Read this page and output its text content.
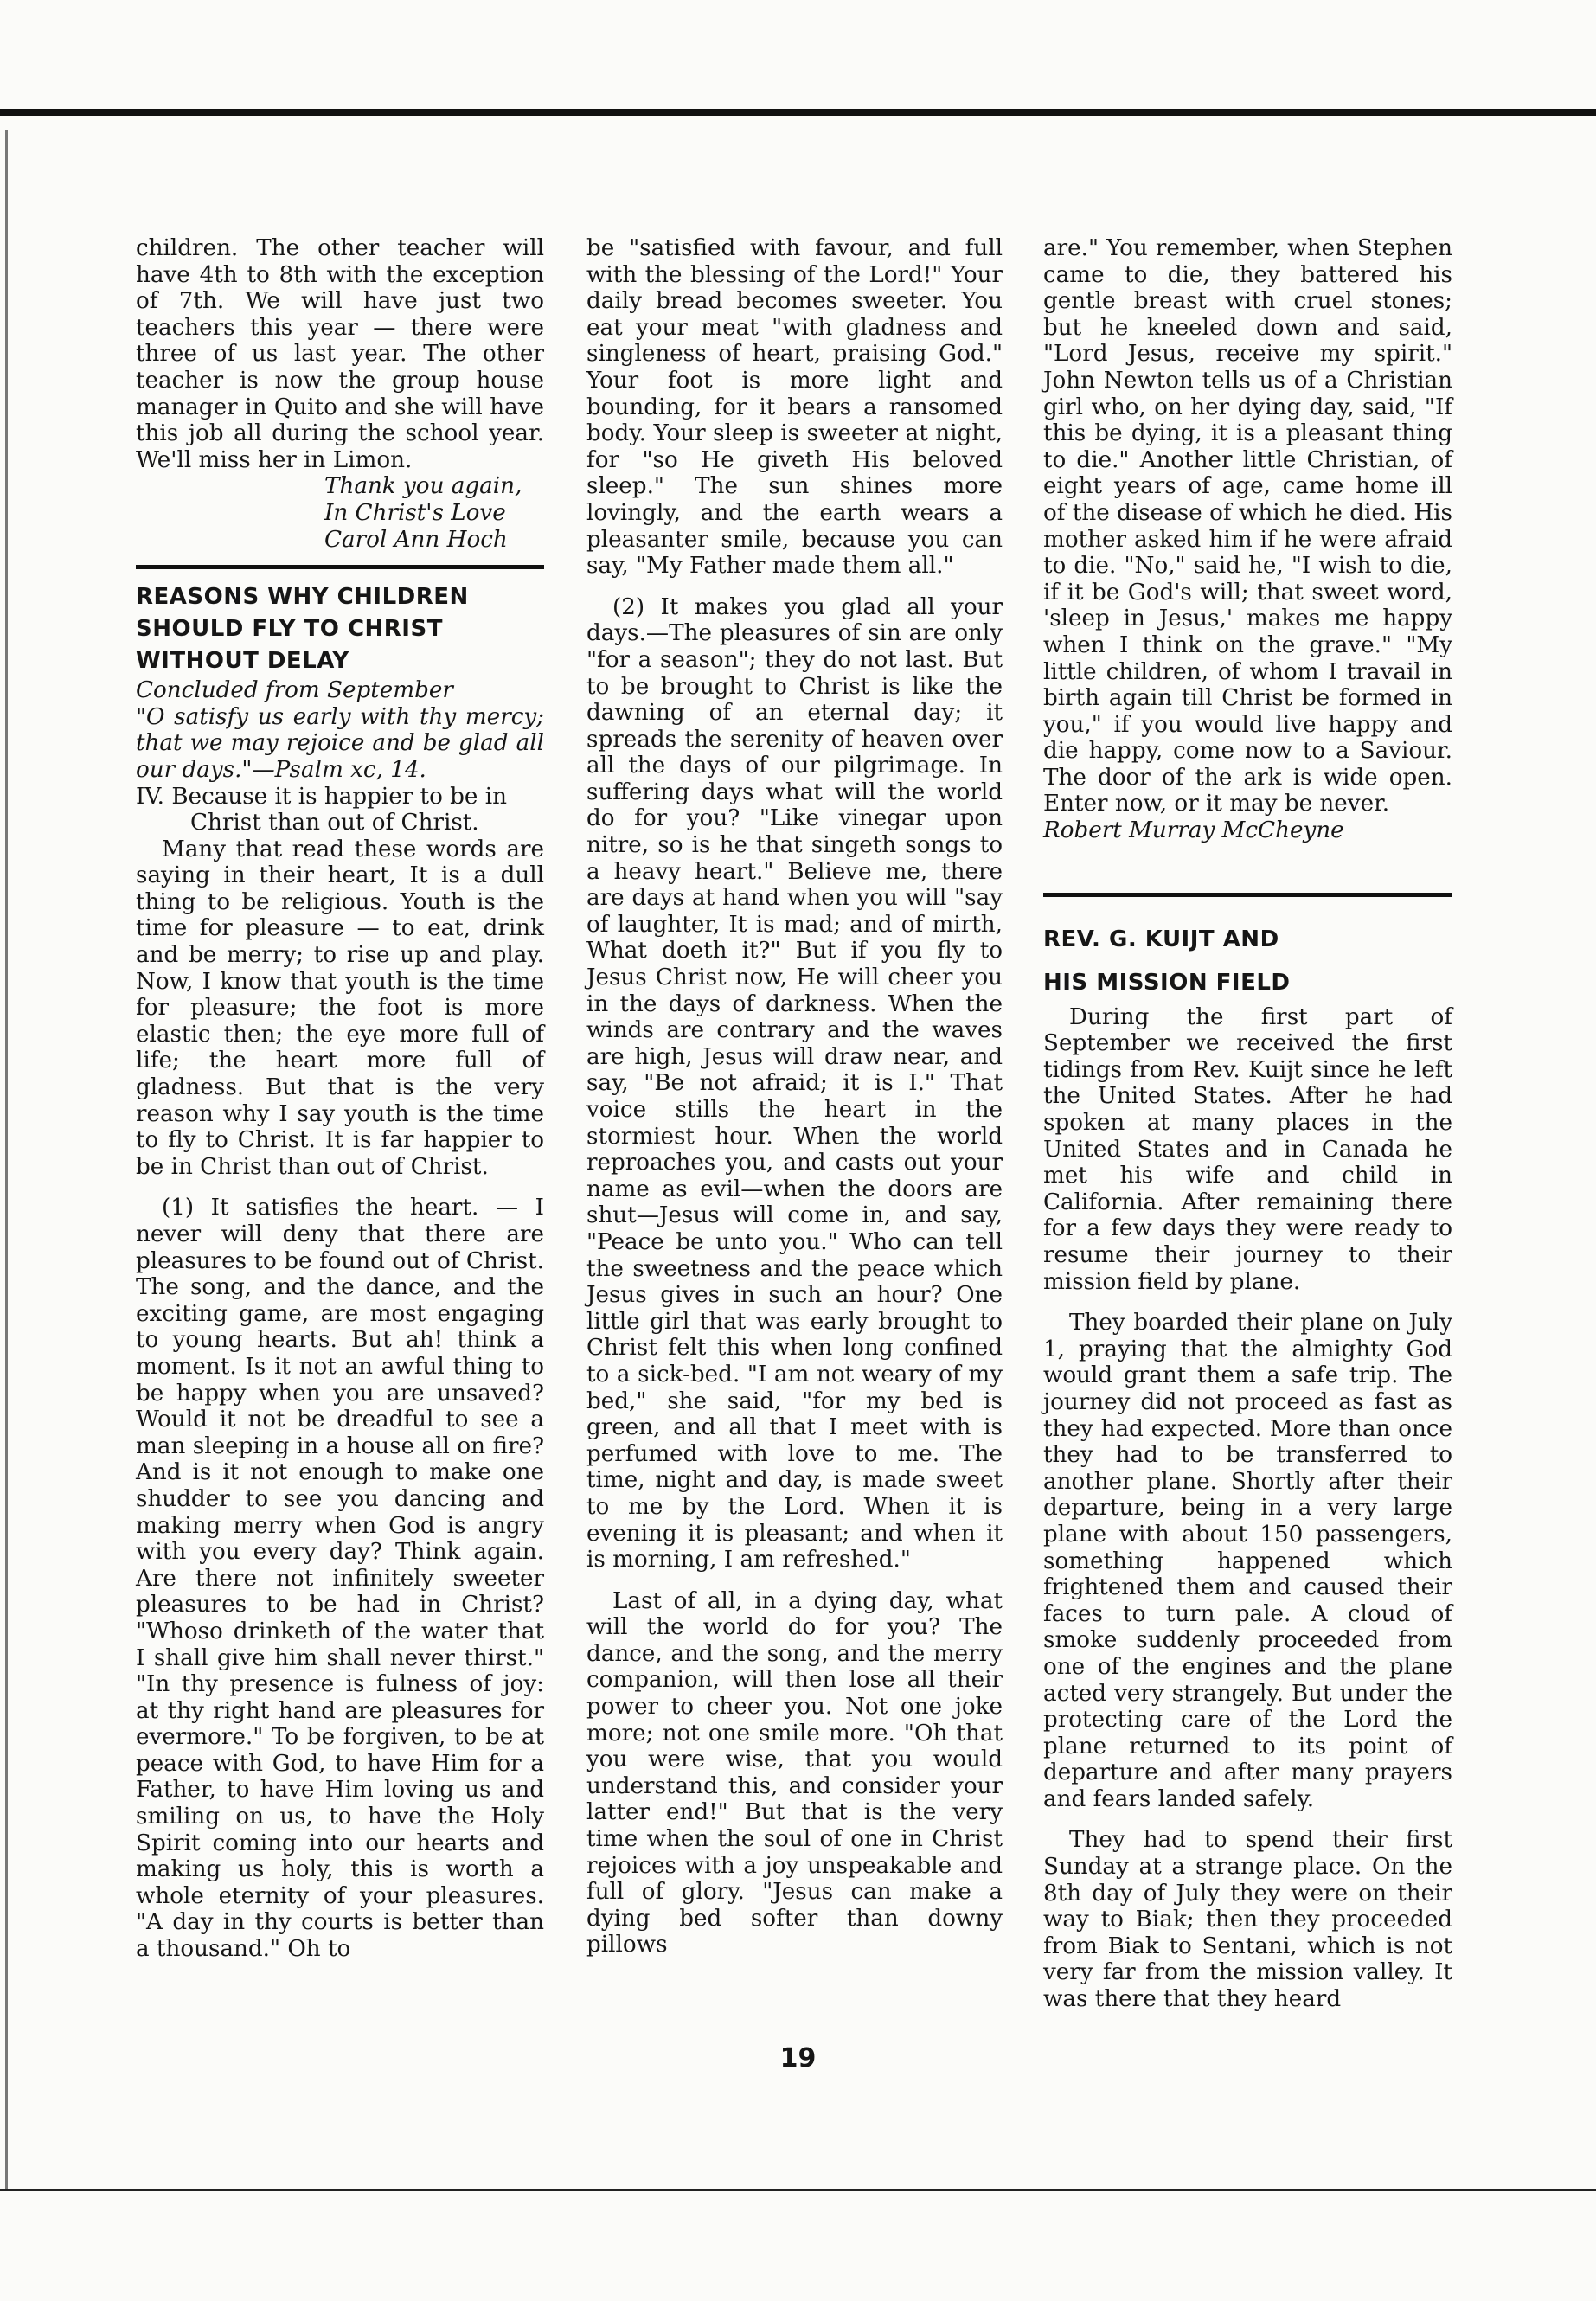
children. The other teacher will have 4th to 8th with the exception of 7th. We will have just two teachers this year — there were three of us last year. The other teacher is now the group house manager in Quito and she will have this job all during the school year. We'll miss her in Limon.

Thank you again,

In Christ's Love

Carol Ann Hoch

REASONS WHY CHILDREN

SHOULD FLY TO CHRIST

WITHOUT DELAY

Concluded from September

"O satisfy us early with thy mercy; that we may rejoice and be glad all our days."—Psalm xc, 14.

IV. Because it is happier to be in

Christ than out of Christ.

Many that read these words are saying in their heart, It is a dull thing to be religious. Youth is the time for pleasure — to eat, drink and be merry; to rise up and play. Now, I know that youth is the time for pleasure; the foot is more elastic then; the eye more full of life; the heart more full of gladness. But that is the very reason why I say youth is the time to fly to Christ. It is far happier to be in Christ than out of Christ.

(1) It satisfies the heart. — I never will deny that there are pleasures to be found out of Christ. The song, and the dance, and the exciting game, are most engaging to young hearts. But ah! think a moment. Is it not an awful thing to be happy when you are unsaved? Would it not be dreadful to see a man sleeping in a house all on fire? And is it not enough to make one shudder to see you dancing and making merry when God is angry with you every day? Think again. Are there not infinitely sweeter pleasures to be had in Christ? "Whoso drinketh of the water that I shall give him shall never thirst." "In thy presence is fulness of joy: at thy right hand are pleasures for evermore." To be forgiven, to be at peace with God, to have Him for a Father, to have Him loving us and smiling on us, to have the Holy Spirit coming into our hearts and making us holy, this is worth a whole eternity of your pleasures. "A day in thy courts is better than a thousand." Oh to

be "satisfied with favour, and full with the blessing of the Lord!" Your daily bread becomes sweeter. You eat your meat "with gladness and singleness of heart, praising God." Your foot is more light and bounding, for it bears a ransomed body. Your sleep is sweeter at night, for "so He giveth His beloved sleep." The sun shines more lovingly, and the earth wears a pleasanter smile, because you can say, "My Father made them all."

(2) It makes you glad all your days.—The pleasures of sin are only "for a season"; they do not last. But to be brought to Christ is like the dawning of an eternal day; it spreads the serenity of heaven over all the days of our pilgrimage. In suffering days what will the world do for you? "Like vinegar upon nitre, so is he that singeth songs to a heavy heart." Believe me, there are days at hand when you will "say of laughter, It is mad; and of mirth, What doeth it?" But if you fly to Jesus Christ now, He will cheer you in the days of darkness. When the winds are contrary and the waves are high, Jesus will draw near, and say, "Be not afraid; it is I." That voice stills the heart in the stormiest hour. When the world reproaches you, and casts out your name as evil—when the doors are shut—Jesus will come in, and say, "Peace be unto you." Who can tell the sweetness and the peace which Jesus gives in such an hour? One little girl that was early brought to Christ felt this when long confined to a sick-bed. "I am not weary of my bed," she said, "for my bed is green, and all that I meet with is perfumed with love to me. The time, night and day, is made sweet to me by the Lord. When it is evening it is pleasant; and when it is morning, I am refreshed."

Last of all, in a dying day, what will the world do for you? The dance, and the song, and the merry companion, will then lose all their power to cheer you. Not one joke more; not one smile more. "Oh that you were wise, that you would understand this, and consider your latter end!" But that is the very time when the soul of one in Christ rejoices with a joy unspeakable and full of glory. "Jesus can make a dying bed softer than downy pillows

are." You remember, when Stephen came to die, they battered his gentle breast with cruel stones; but he kneeled down and said, "Lord Jesus, receive my spirit." John Newton tells us of a Christian girl who, on her dying day, said, "If this be dying, it is a pleasant thing to die." Another little Christian, of eight years of age, came home ill of the disease of which he died. His mother asked him if he were afraid to die. "No," said he, "I wish to die, if it be God's will; that sweet word, 'sleep in Jesus,' makes me happy when I think on the grave." "My little children, of whom I travail in birth again till Christ be formed in you," if you would live happy and die happy, come now to a Saviour. The door of the ark is wide open. Enter now, or it may be never.

Robert Murray McCheyne

REV. G. KUIJT AND

HIS MISSION FIELD

During the first part of September we received the first tidings from Rev. Kuijt since he left the United States. After he had spoken at many places in the United States and in Canada he met his wife and child in California. After remaining there for a few days they were ready to resume their journey to their mission field by plane.

They boarded their plane on July 1, praying that the almighty God would grant them a safe trip. The journey did not proceed as fast as they had expected. More than once they had to be transferred to another plane. Shortly after their departure, being in a very large plane with about 150 passengers, something happened which frightened them and caused their faces to turn pale. A cloud of smoke suddenly proceeded from one of the engines and the plane acted very strangely. But under the protecting care of the Lord the plane returned to its point of departure and after many prayers and fears landed safely.

They had to spend their first Sunday at a strange place. On the 8th day of July they were on their way to Biak; then they proceeded from Biak to Sentani, which is not very far from the mission valley. It was there that they heard

19
